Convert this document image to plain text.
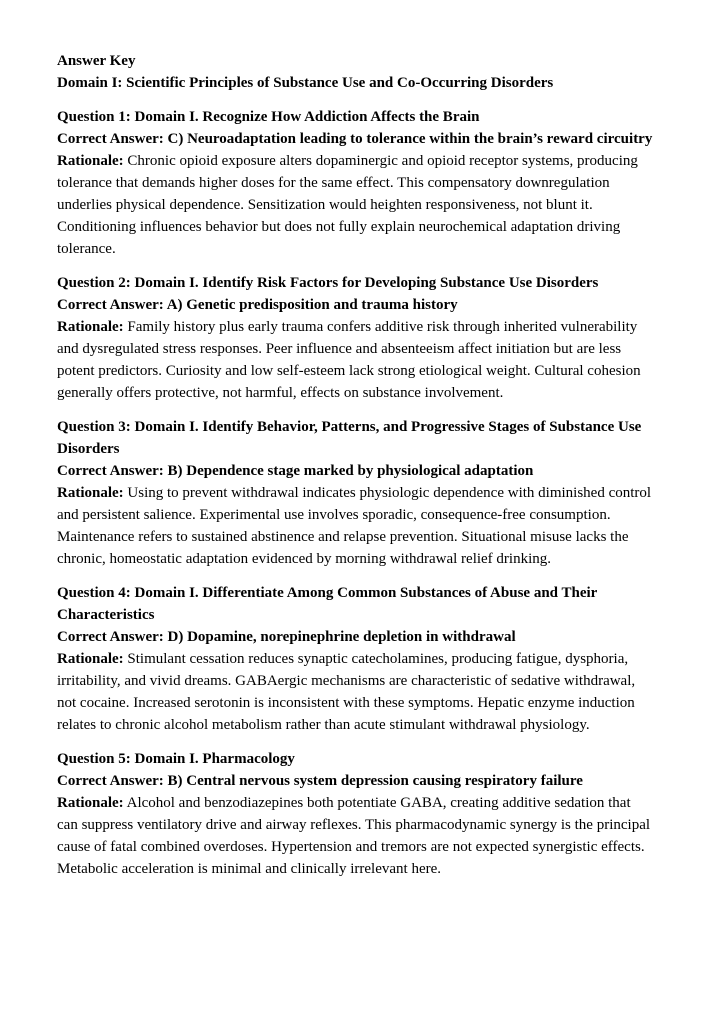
Answer Key

Domain I: Scientific Principles of Substance Use and Co-Occurring Disorders

Question 1: Domain I. Recognize How Addiction Affects the Brain

Correct Answer: C) Neuroadaptation leading to tolerance within the brain’s reward circuitry

Rationale: Chronic opioid exposure alters dopaminergic and opioid receptor systems, producing tolerance that demands higher doses for the same effect. This compensatory downregulation underlies physical dependence. Sensitization would heighten responsiveness, not blunt it. Conditioning influences behavior but does not fully explain neurochemical adaptation driving tolerance.

Question 2: Domain I. Identify Risk Factors for Developing Substance Use Disorders

Correct Answer: A) Genetic predisposition and trauma history

Rationale: Family history plus early trauma confers additive risk through inherited vulnerability and dysregulated stress responses. Peer influence and absenteeism affect initiation but are less potent predictors. Curiosity and low self-esteem lack strong etiological weight. Cultural cohesion generally offers protective, not harmful, effects on substance involvement.

Question 3: Domain I. Identify Behavior, Patterns, and Progressive Stages of Substance Use Disorders

Correct Answer: B) Dependence stage marked by physiological adaptation

Rationale: Using to prevent withdrawal indicates physiologic dependence with diminished control and persistent salience. Experimental use involves sporadic, consequence-free consumption. Maintenance refers to sustained abstinence and relapse prevention. Situational misuse lacks the chronic, homeostatic adaptation evidenced by morning withdrawal relief drinking.

Question 4: Domain I. Differentiate Among Common Substances of Abuse and Their Characteristics

Correct Answer: D) Dopamine, norepinephrine depletion in withdrawal

Rationale: Stimulant cessation reduces synaptic catecholamines, producing fatigue, dysphoria, irritability, and vivid dreams. GABAergic mechanisms are characteristic of sedative withdrawal, not cocaine. Increased serotonin is inconsistent with these symptoms. Hepatic enzyme induction relates to chronic alcohol metabolism rather than acute stimulant withdrawal physiology.

Question 5: Domain I. Pharmacology

Correct Answer: B) Central nervous system depression causing respiratory failure

Rationale: Alcohol and benzodiazepines both potentiate GABA, creating additive sedation that can suppress ventilatory drive and airway reflexes. This pharmacodynamic synergy is the principal cause of fatal combined overdoses. Hypertension and tremors are not expected synergistic effects. Metabolic acceleration is minimal and clinically irrelevant here.
